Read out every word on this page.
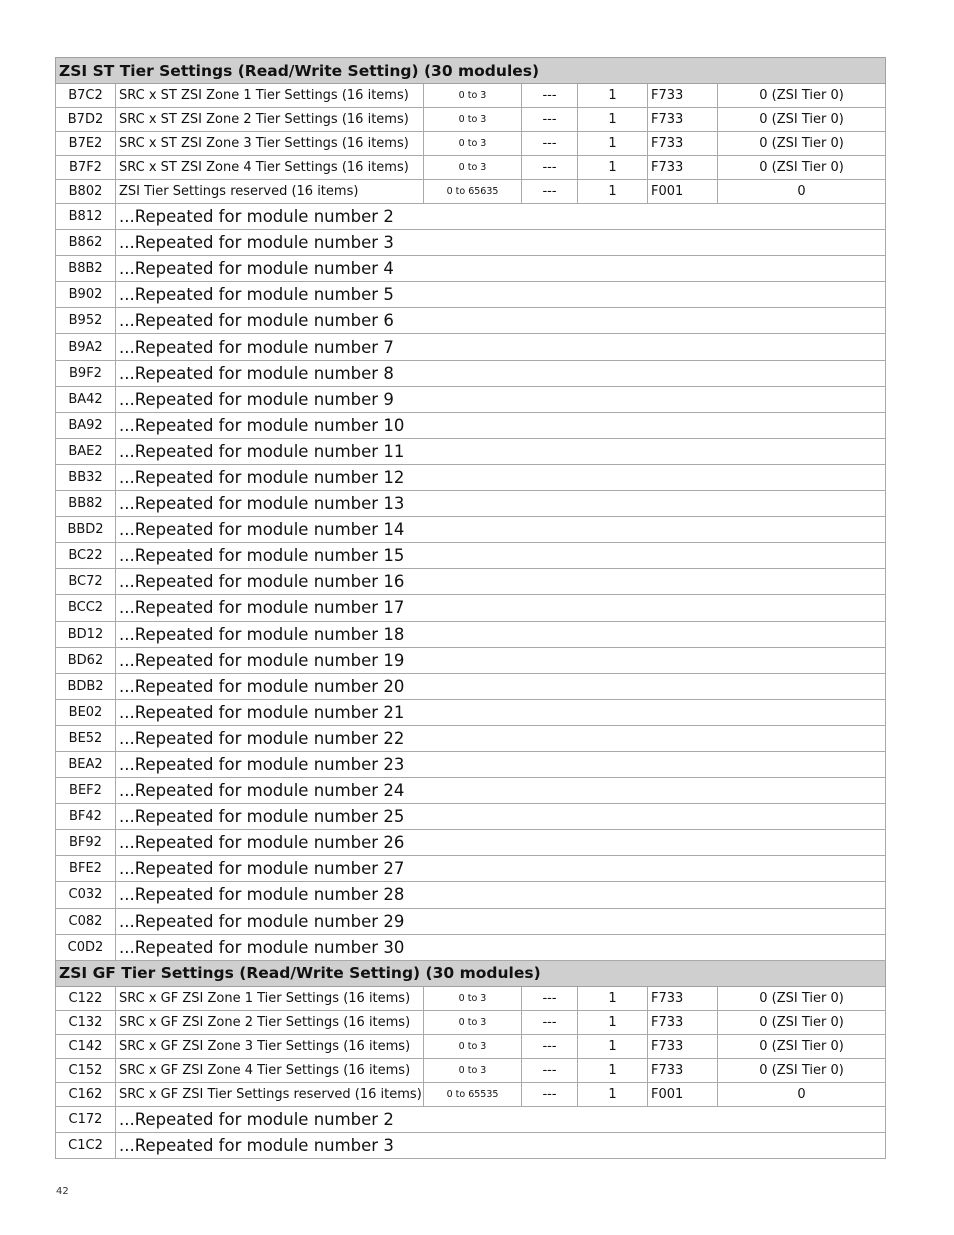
ZSI ST Tier Settings (Read/Write Setting) (30 modules)						
B7C2	SRC x ST ZSI Zone 1 Tier Settings (16 items)	0 to 3	---	1	F733	0 (ZSI Tier 0)
B7D2	SRC x ST ZSI Zone 2 Tier Settings (16 items)	0 to 3	---	1	F733	0 (ZSI Tier 0)
B7E2	SRC x ST ZSI Zone 3 Tier Settings (16 items)	0 to 3	---	1	F733	0 (ZSI Tier 0)
B7F2	SRC x ST ZSI Zone 4 Tier Settings (16 items)	0 to 3	---	1	F733	0 (ZSI Tier 0)
B802	ZSI Tier Settings reserved (16 items)	0 to 65635	---	1	F001	0
B812	...Repeated for module number 2					
B862	...Repeated for module number 3					
B8B2	...Repeated for module number 4					
B902	...Repeated for module number 5					
B952	...Repeated for module number 6					
B9A2	...Repeated for module number 7					
B9F2	...Repeated for module number 8					
BA42	...Repeated for module number 9					
BA92	...Repeated for module number 10					
BAE2	...Repeated for module number 11					
BB32	...Repeated for module number 12					
BB82	...Repeated for module number 13					
BBD2	...Repeated for module number 14					
BC22	...Repeated for module number 15					
BC72	...Repeated for module number 16					
BCC2	...Repeated for module number 17					
BD12	...Repeated for module number 18					
BD62	...Repeated for module number 19					
BDB2	...Repeated for module number 20					
BE02	...Repeated for module number 21					
BE52	...Repeated for module number 22					
BEA2	...Repeated for module number 23					
BEF2	...Repeated for module number 24					
BF42	...Repeated for module number 25					
BF92	...Repeated for module number 26					
BFE2	...Repeated for module number 27					
C032	...Repeated for module number 28					
C082	...Repeated for module number 29					
C0D2	...Repeated for module number 30					
ZSI GF Tier Settings (Read/Write Setting) (30 modules)						
C122	SRC x GF ZSI Zone 1 Tier Settings (16 items)	0 to 3	---	1	F733	0 (ZSI Tier 0)
C132	SRC x GF ZSI Zone 2 Tier Settings (16 items)	0 to 3	---	1	F733	0 (ZSI Tier 0)
C142	SRC x GF ZSI Zone 3 Tier Settings (16 items)	0 to 3	---	1	F733	0 (ZSI Tier 0)
C152	SRC x GF ZSI Zone 4 Tier Settings (16 items)	0 to 3	---	1	F733	0 (ZSI Tier 0)
C162	SRC x GF ZSI Tier Settings reserved (16 items)	0 to 65535	---	1	F001	0
C172	...Repeated for module number 2					
C1C2	...Repeated for module number 3					
42
